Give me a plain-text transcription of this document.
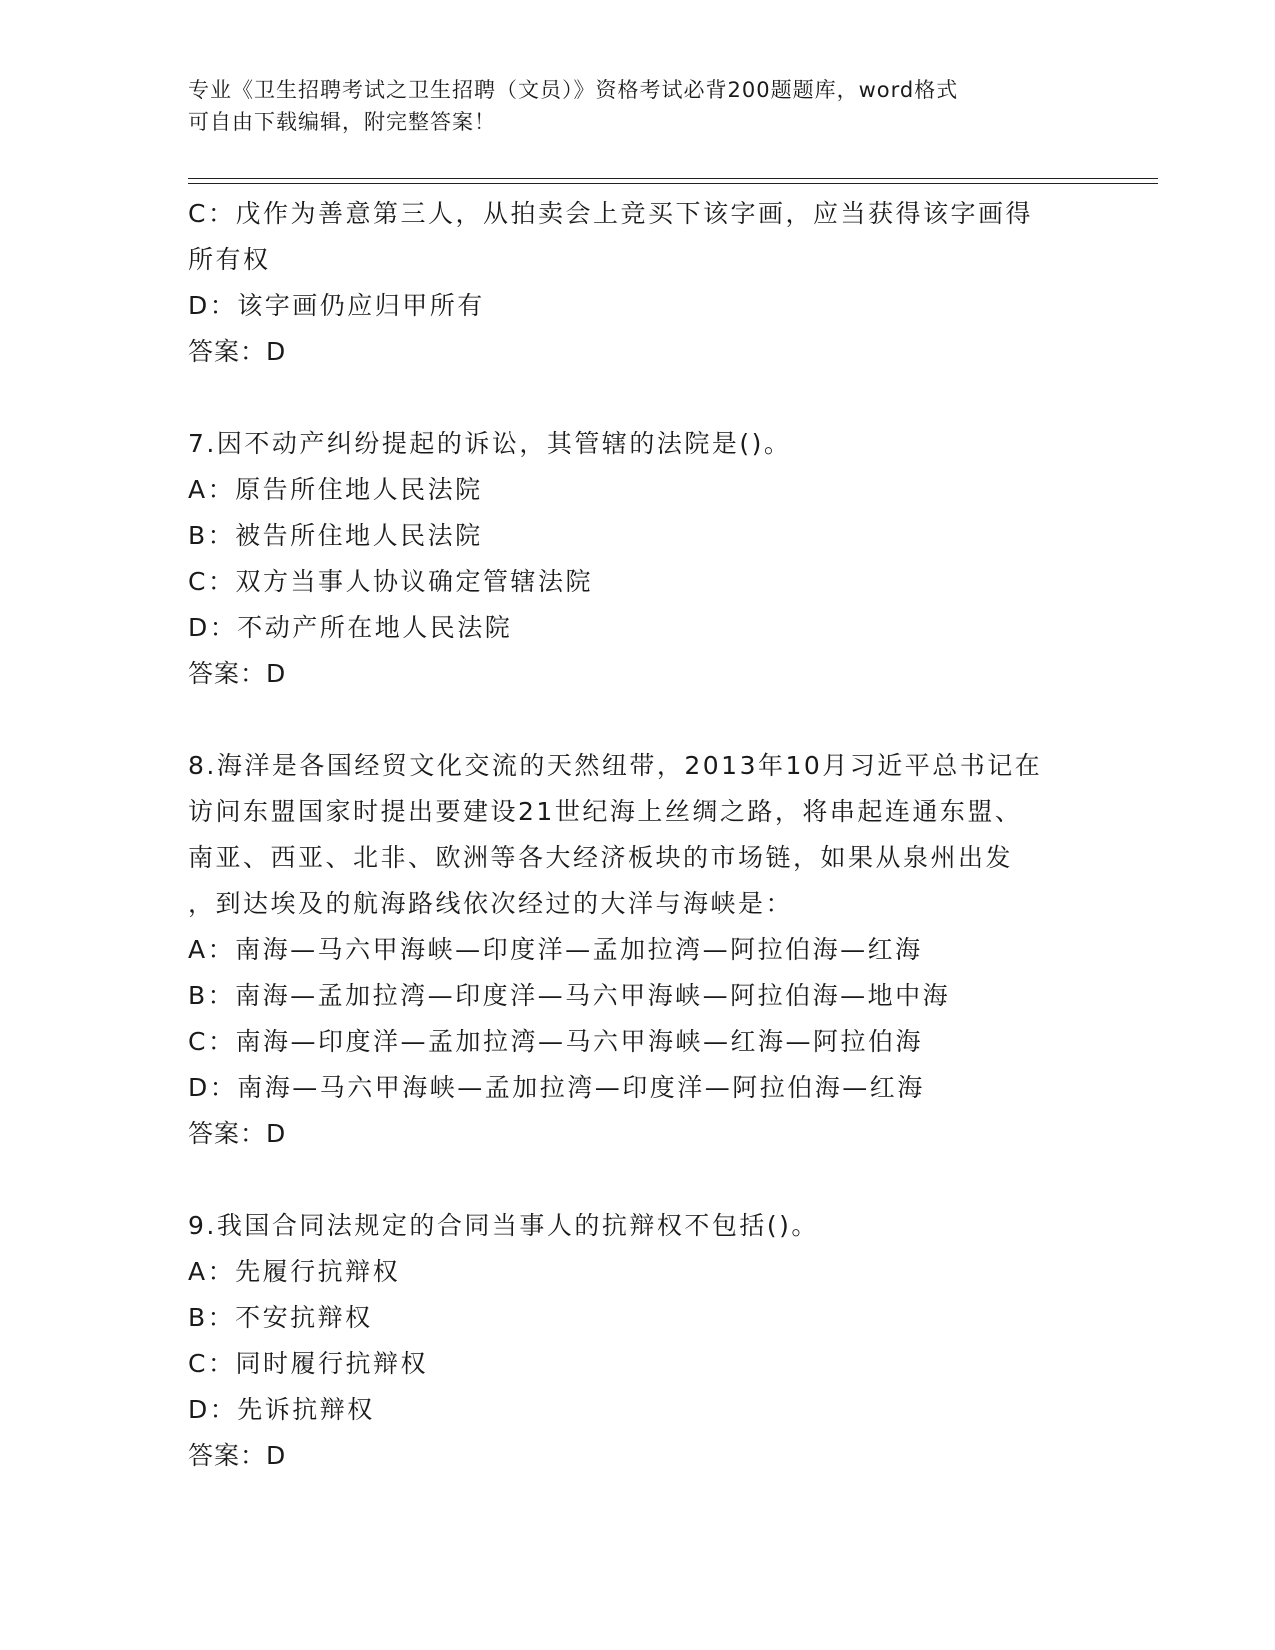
专业《卫生招聘考试之卫生招聘（文员）》资格考试必背200题题库，word格式
可自由下载编辑，附完整答案！
C：戊作为善意第三人，从拍卖会上竞买下该字画，应当获得该字画得
所有权
D：该字画仍应归甲所有
答案：D
7.因不动产纠纷提起的诉讼，其管辖的法院是()。
A：原告所住地人民法院
B：被告所住地人民法院
C：双方当事人协议确定管辖法院
D：不动产所在地人民法院
答案：D
8.海洋是各国经贸文化交流的天然纽带，2013年10月习近平总书记在
访问东盟国家时提出要建设21世纪海上丝绸之路，将串起连通东盟、
南亚、西亚、北非、欧洲等各大经济板块的市场链，如果从泉州出发
，到达埃及的航海路线依次经过的大洋与海峡是：
A：南海—马六甲海峡—印度洋—孟加拉湾—阿拉伯海—红海
B：南海—孟加拉湾—印度洋—马六甲海峡—阿拉伯海—地中海
C：南海—印度洋—孟加拉湾—马六甲海峡—红海—阿拉伯海
D：南海—马六甲海峡—孟加拉湾—印度洋—阿拉伯海—红海
答案：D
9.我国合同法规定的合同当事人的抗辩权不包括()。
A：先履行抗辩权
B：不安抗辩权
C：同时履行抗辩权
D：先诉抗辩权
答案：D
